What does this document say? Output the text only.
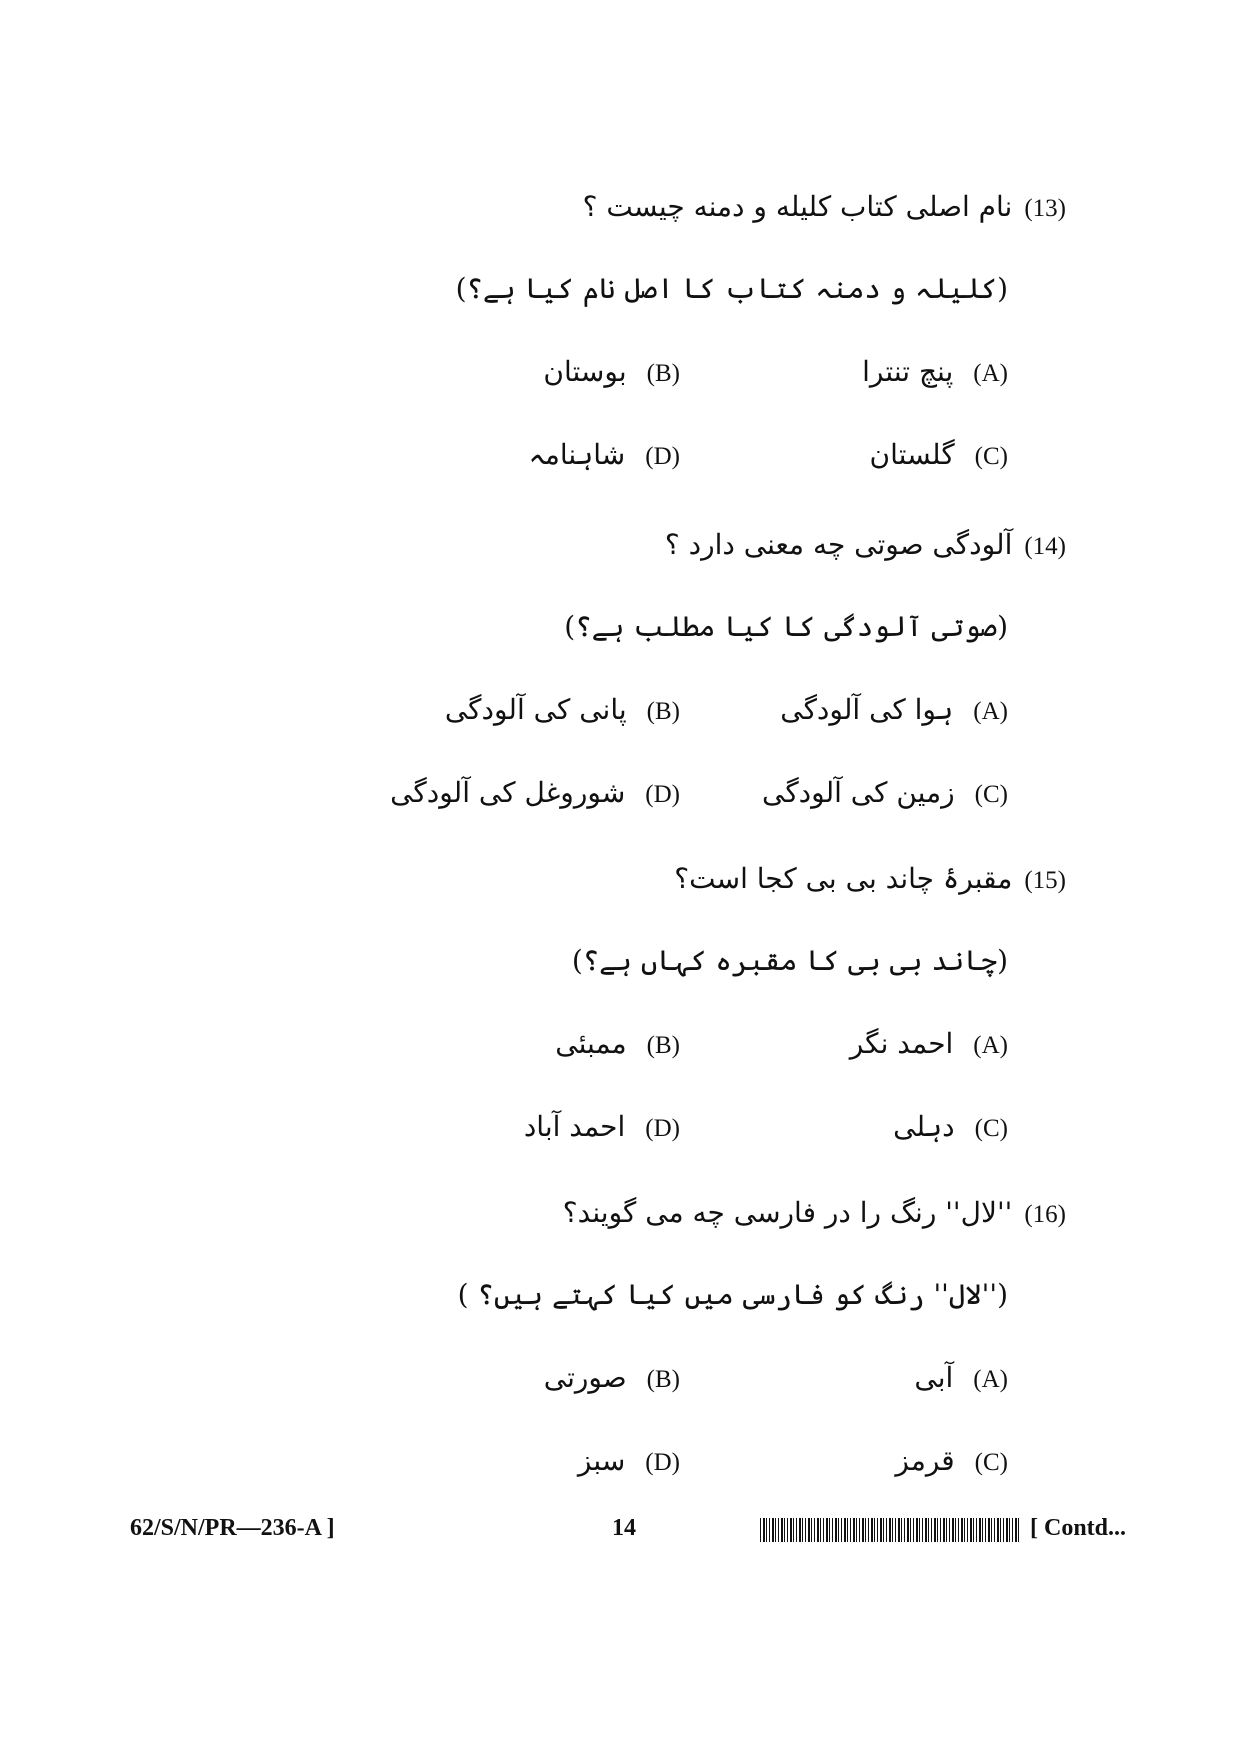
(13)نام اصلی کتاب کلیله و دمنه چیست ؟
(کلیلہ و دمنہ کتاب کا اصل نام کیا ہے؟)
(A)پنچ تنترا
(B)بوستان
(C)گلستان
(D)شاہنامہ
(14)آلودگی صوتی چه معنی دارد ؟
(صوتی آلودگی کا کیا مطلب ہے؟)
(A)ہوا کی آلودگی
(B)پانی کی آلودگی
(C)زمین کی آلودگی
(D)شوروغل کی آلودگی
(15)مقبرۂ چاند بی بی کجا است؟
(چاند بی بی کا مقبرہ کہاں ہے؟)
(A)احمد نگر
(B)ممبئی
(C)دہلی
(D)احمد آباد
(16)''لال'' رنگ را در فارسی چه می گویند؟
(''لال'' رنگ کو فارسی میں کیا کہتے ہیں؟ )
(A)آبی
(B)صورتی
(C)قرمز
(D)سبز
62/S/N/PR—236-A ]	14	[ Contd...
